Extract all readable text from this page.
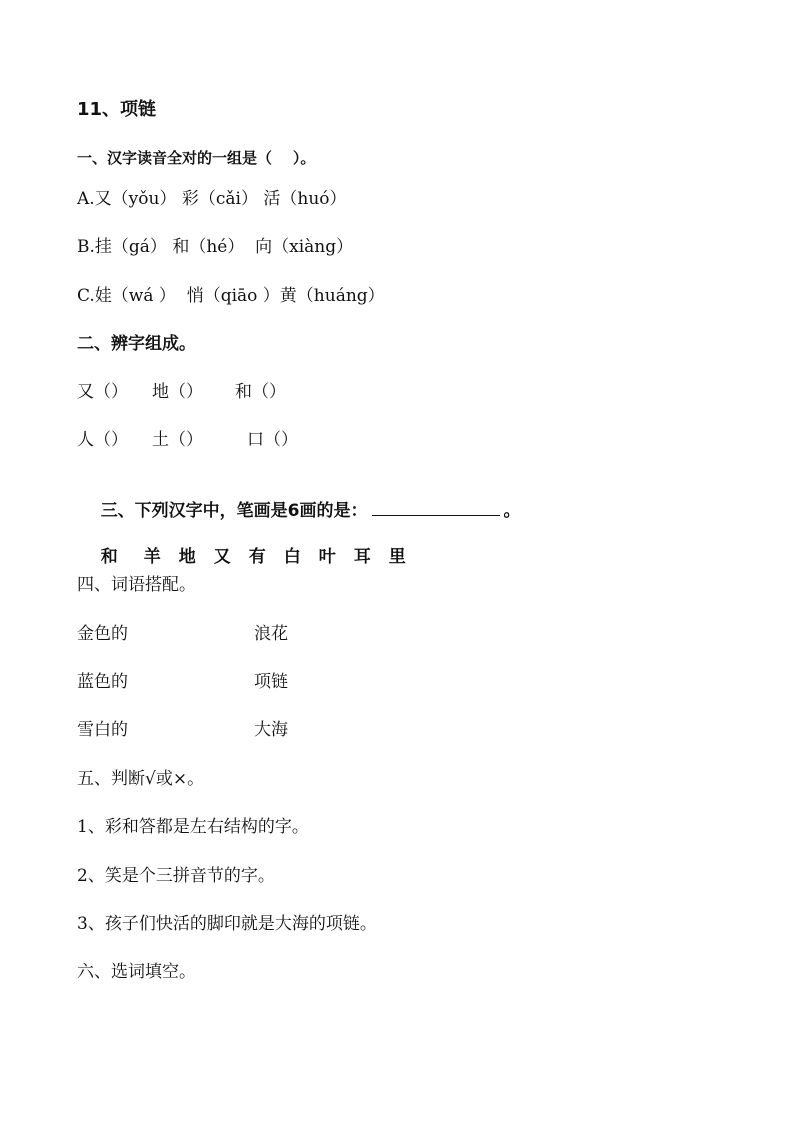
11、项链
一、汉字读音全对的一组是（    ）。
A.又（yǒu） 彩（cǎi） 活（huó）
B.挂（gá） 和（hé）  向（xiàng）
C.娃（wá ）  悄（qiāo ）黄（huáng）
二、辨字组成。
又（） 地（） 和（）
人（） 土（）	口（）

三、下列汉字中，笔画是6画的是：	。

和 羊 地 又 有 白 叶 耳 里

四、词语搭配。
金色的	浪花
蓝色的	项链
雪白的	大海
五、判断√或×。
1、彩和答都是左右结构的字。
2、笑是个三拼音节的字。
3、孩子们快活的脚印就是大海的项链。
六、选词填空。
